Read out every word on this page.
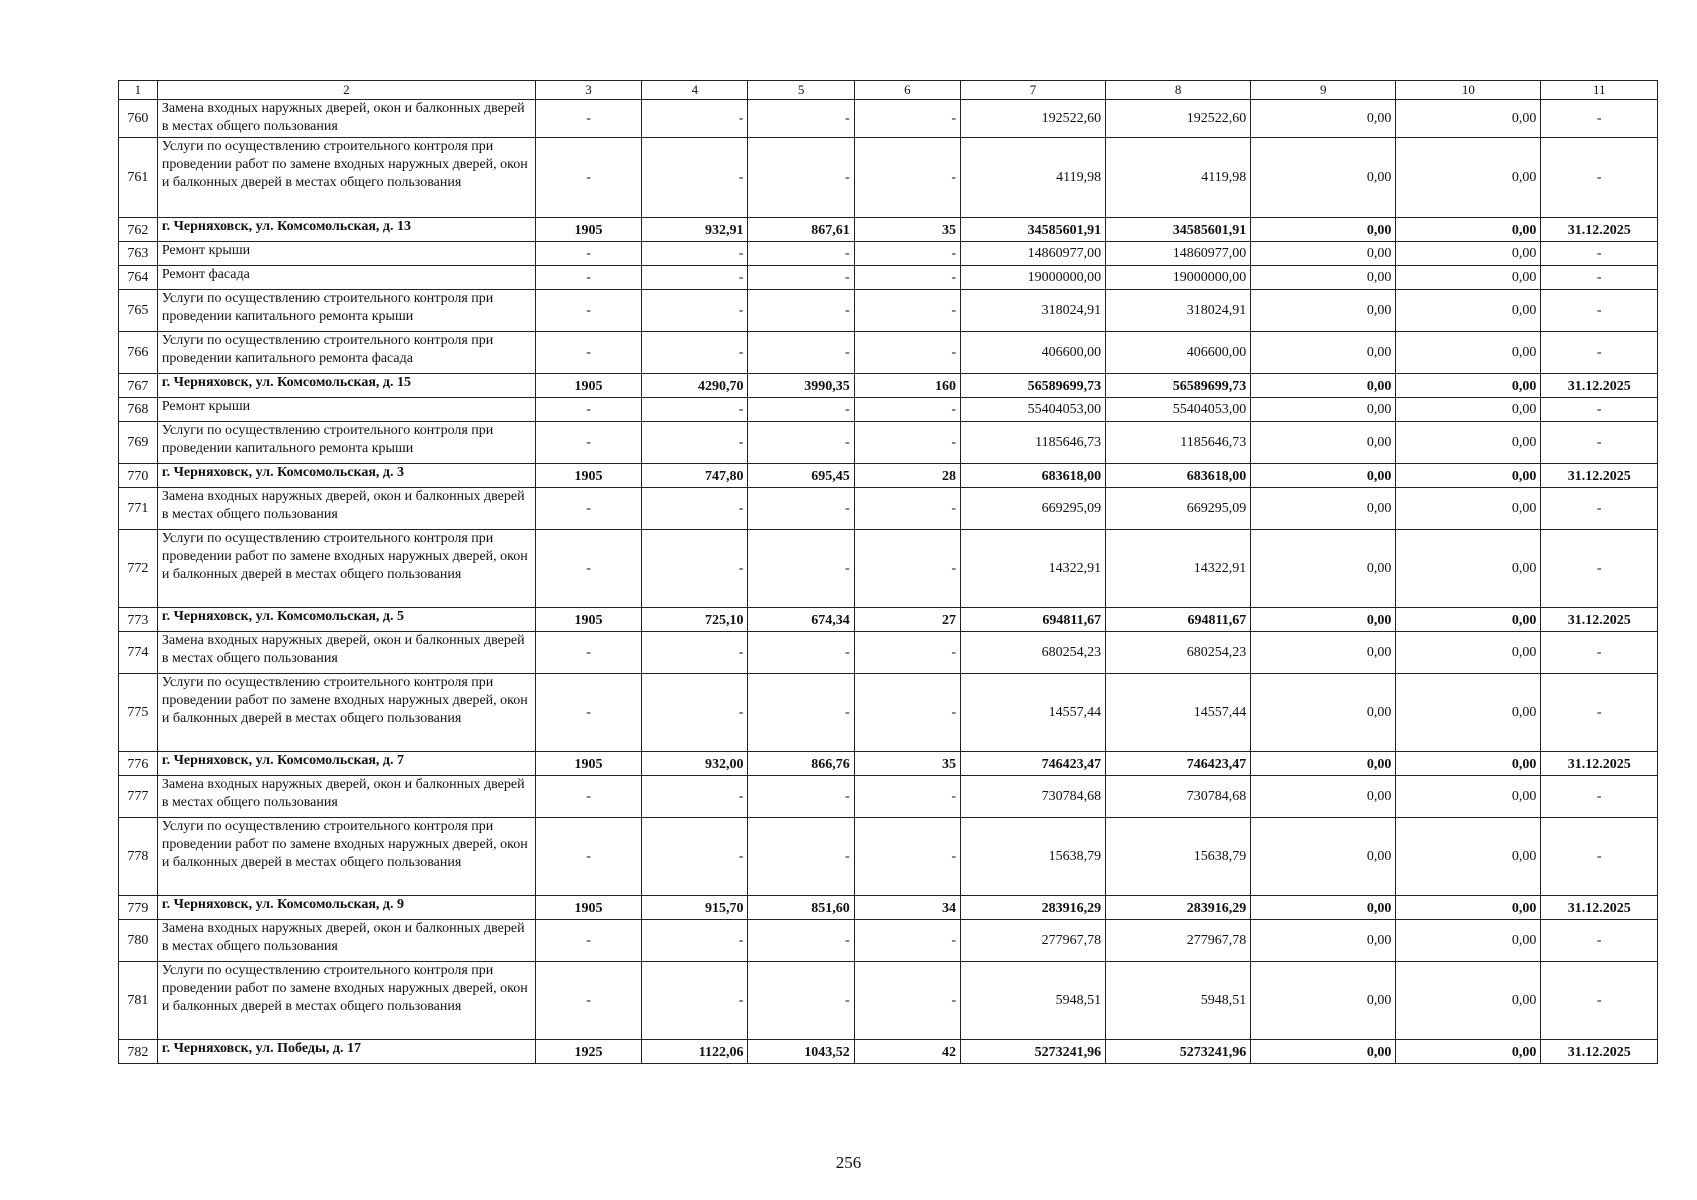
1	2	3	4	5	6	7	8	9	10	11
760	Замена входных наружных дверей, окон и балконных дверей в местах общего пользования	-	-	-	-	192522,60	192522,60	0,00	0,00	-
761	Услуги по осуществлению строительного контроля при проведении работ по замене входных наружных дверей, окон и балконных дверей в местах общего пользования	-	-	-	-	4119,98	4119,98	0,00	0,00	-
762	г. Черняховск, ул. Комсомольская, д. 13	1905	932,91	867,61	35	34585601,91	34585601,91	0,00	0,00	31.12.2025
763	Ремонт крыши	-	-	-	-	14860977,00	14860977,00	0,00	0,00	-
764	Ремонт фасада	-	-	-	-	19000000,00	19000000,00	0,00	0,00	-
765	Услуги по осуществлению строительного контроля при проведении капитального ремонта крыши	-	-	-	-	318024,91	318024,91	0,00	0,00	-
766	Услуги по осуществлению строительного контроля при проведении капитального ремонта фасада	-	-	-	-	406600,00	406600,00	0,00	0,00	-
767	г. Черняховск, ул. Комсомольская, д. 15	1905	4290,70	3990,35	160	56589699,73	56589699,73	0,00	0,00	31.12.2025
768	Ремонт крыши	-	-	-	-	55404053,00	55404053,00	0,00	0,00	-
769	Услуги по осуществлению строительного контроля при проведении капитального ремонта крыши	-	-	-	-	1185646,73	1185646,73	0,00	0,00	-
770	г. Черняховск, ул. Комсомольская, д. 3	1905	747,80	695,45	28	683618,00	683618,00	0,00	0,00	31.12.2025
771	Замена входных наружных дверей, окон и балконных дверей в местах общего пользования	-	-	-	-	669295,09	669295,09	0,00	0,00	-
772	Услуги по осуществлению строительного контроля при проведении работ по замене входных наружных дверей, окон и балконных дверей в местах общего пользования	-	-	-	-	14322,91	14322,91	0,00	0,00	-
773	г. Черняховск, ул. Комсомольская, д. 5	1905	725,10	674,34	27	694811,67	694811,67	0,00	0,00	31.12.2025
774	Замена входных наружных дверей, окон и балконных дверей в местах общего пользования	-	-	-	-	680254,23	680254,23	0,00	0,00	-
775	Услуги по осуществлению строительного контроля при проведении работ по замене входных наружных дверей, окон и балконных дверей в местах общего пользования	-	-	-	-	14557,44	14557,44	0,00	0,00	-
776	г. Черняховск, ул. Комсомольская, д. 7	1905	932,00	866,76	35	746423,47	746423,47	0,00	0,00	31.12.2025
777	Замена входных наружных дверей, окон и балконных дверей в местах общего пользования	-	-	-	-	730784,68	730784,68	0,00	0,00	-
778	Услуги по осуществлению строительного контроля при проведении работ по замене входных наружных дверей, окон и балконных дверей в местах общего пользования	-	-	-	-	15638,79	15638,79	0,00	0,00	-
779	г. Черняховск, ул. Комсомольская, д. 9	1905	915,70	851,60	34	283916,29	283916,29	0,00	0,00	31.12.2025
780	Замена входных наружных дверей, окон и балконных дверей в местах общего пользования	-	-	-	-	277967,78	277967,78	0,00	0,00	-
781	Услуги по осуществлению строительного контроля при проведении работ по замене входных наружных дверей, окон и балконных дверей в местах общего пользования	-	-	-	-	5948,51	5948,51	0,00	0,00	-
782	г. Черняховск, ул. Победы, д. 17	1925	1122,06	1043,52	42	5273241,96	5273241,96	0,00	0,00	31.12.2025
256
